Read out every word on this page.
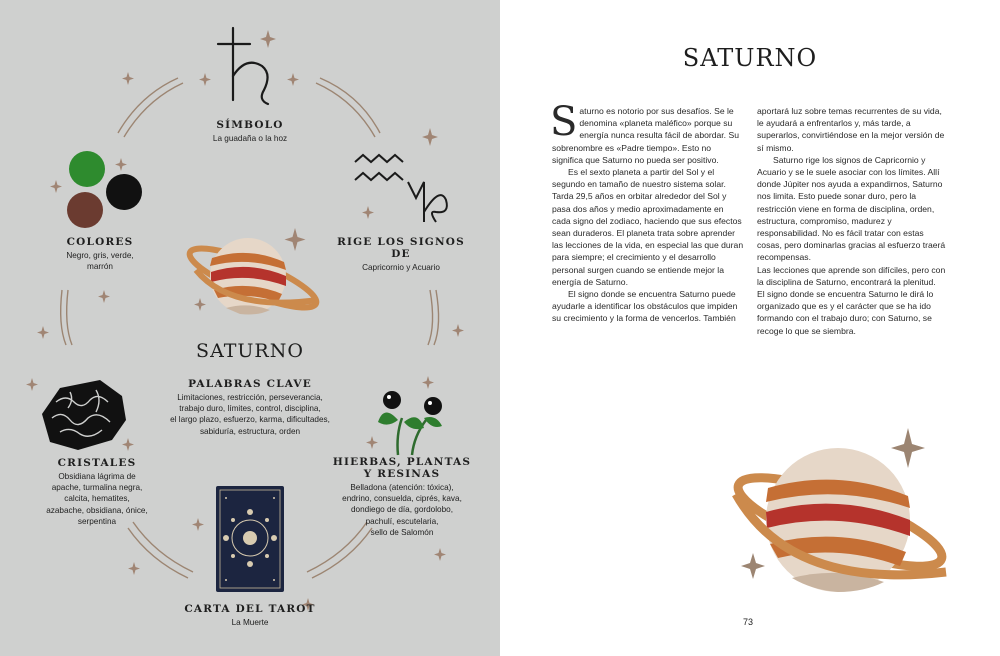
SÍMBOLO
La guadaña o la hoz
COLORES
Negro, gris, verde,
marrón
RIGE LOS SIGNOS DE
Capricornio y Acuario
SATURNO
PALABRAS CLAVE
Limitaciones, restricción, perseverancia,
trabajo duro, límites, control, disciplina,
el largo plazo, esfuerzo, karma, dificultades,
sabiduría, estructura, orden
CRISTALES
Obsidiana lágrima de
apache, turmalina negra,
calcita, hematites,
azabache, obsidiana, ónice,
serpentina
HIERBAS, PLANTAS
Y RESINAS
Belladona (atención: tóxica),
endrino, consuelda, ciprés, kava,
dondiego de día, gordolobo,
pachulí, escutelaria,
sello de Salomón
CARTA DEL TAROT
La Muerte
SATURNO

Saturno es notorio por sus desafíos. Se le denomina «planeta maléfico» porque su energía nunca resulta fácil de abordar. Su sobrenombre es «Padre tiempo». Esto no significa que Saturno no pueda ser positivo.

Es el sexto planeta a partir del Sol y el segundo en tamaño de nuestro sistema solar. Tarda 29,5 años en orbitar alrededor del Sol y pasa dos años y medio aproximadamente en cada signo del zodiaco, haciendo que sus efectos sean duraderos. El planeta trata sobre aprender las lecciones de la vida, en especial las que duran para siempre; el crecimiento y el desarrollo personal surgen cuando se entiende mejor la energía de Saturno.

El signo donde se encuentra Saturno puede ayudarle a identificar los obstáculos que impiden su crecimiento y la forma de vencerlos. También

aportará luz sobre temas recurrentes de su vida, le ayudará a enfrentarlos y, más tarde, a superarlos, convirtiéndose en la mejor versión de sí mismo.

Saturno rige los signos de Capricornio y Acuario y se le suele asociar con los límites. Allí donde Júpiter nos ayuda a expandirnos, Saturno nos limita. Esto puede sonar duro, pero la restricción viene en forma de disciplina, orden, estructura, compromiso, madurez y responsabilidad. No es fácil tratar con estas cosas, pero dominarlas gracias al esfuerzo traerá recompensas.

Las lecciones que aprende son difíciles, pero con la disciplina de Saturno, encontrará la plenitud.

El signo donde se encuentra Saturno le dirá lo organizado que es y el carácter que se ha ido formando con el trabajo duro; con Saturno, se recoge lo que se siembra.

73
